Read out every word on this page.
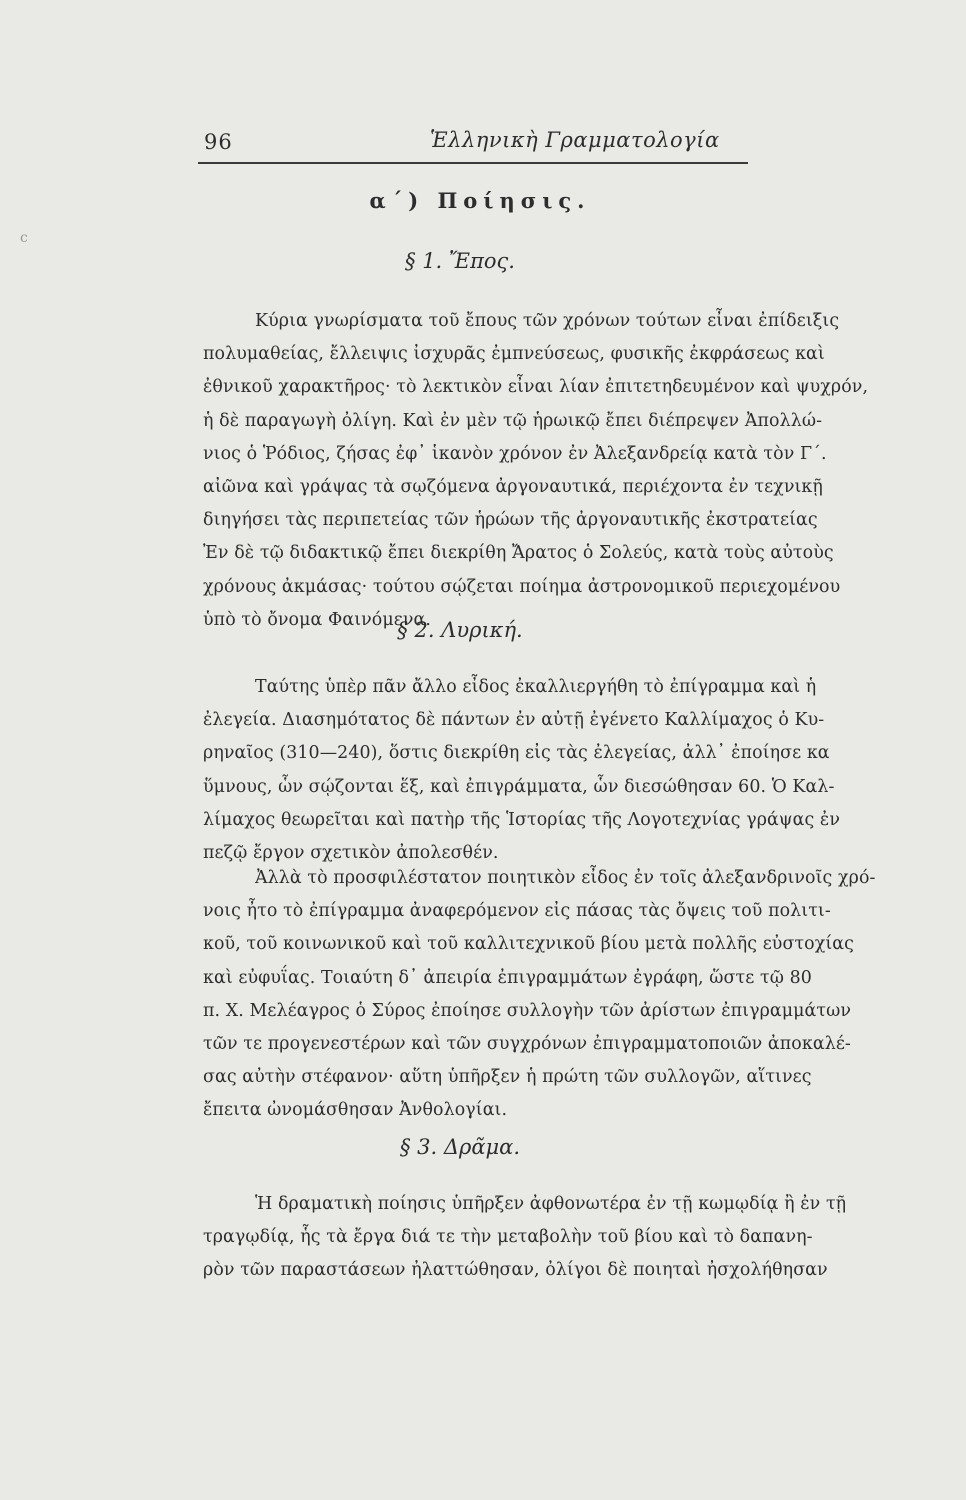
c
96	Ἑλληνικὴ Γραμματολογία
α΄) Ποίησις.
§ 1. Ἔπος.
Κύρια γνωρίσματα τοῦ ἔπους τῶν χρόνων τούτων εἶναι ἐπίδειξις
πολυμαθείας, ἔλλειψις ἰσχυρᾶς ἐμπνεύσεως, φυσικῆς ἐκφράσεως καὶ
ἐθνικοῦ χαρακτῆρος· τὸ λεκτικὸν εἶναι λίαν ἐπιτετηδευμένον καὶ ψυχρόν,
ἡ δὲ παραγωγὴ ὀλίγη. Καὶ ἐν μὲν τῷ ἡρωικῷ ἔπει διέπρεψεν Ἀπολλώ-
νιος ὁ Ῥόδιος, ζήσας ἐφ᾽ ἱκανὸν χρόνον ἐν Ἀλεξανδρείᾳ κατὰ τὸν Γ΄.
αἰῶνα καὶ γράψας τὰ σῳζόμενα ἀργοναυτικά, περιέχοντα ἐν τεχνικῇ
διηγήσει τὰς περιπετείας τῶν ἡρώων τῆς ἀργοναυτικῆς ἐκστρατείας
Ἐν δὲ τῷ διδακτικῷ ἔπει διεκρίθη Ἄρατος ὁ Σολεύς, κατὰ τοὺς αὐτοὺς
χρόνους ἀκμάσας· τούτου σῴζεται ποίημα ἀστρονομικοῦ περιεχομένου
ὑπὸ τὸ ὄνομα Φαινόμενα.
§ 2. Λυρική.
Ταύτης ὑπὲρ πᾶν ἄλλο εἶδος ἐκαλλιεργήθη τὸ ἐπίγραμμα καὶ ἡ
ἐλεγεία. Διασημότατος δὲ πάντων ἐν αὐτῇ ἐγένετο Καλλίμαχος ὁ Κυ-
ρηναῖος (310—240), ὅστις διεκρίθη εἰς τὰς ἐλεγείας, ἀλλ᾽ ἐποίησε κα
ὕμνους, ὧν σῴζονται ἕξ, καὶ ἐπιγράμματα, ὧν διεσώθησαν 60. Ὁ Καλ-
λίμαχος θεωρεῖται καὶ πατὴρ τῆς Ἱστορίας τῆς Λογοτεχνίας γράψας ἐν
πεζῷ ἔργον σχετικὸν ἀπολεσθέν.
Ἀλλὰ τὸ προσφιλέστατον ποιητικὸν εἶδος ἐν τοῖς ἀλεξανδρινοῖς χρό-
νοις ἦτο τὸ ἐπίγραμμα ἀναφερόμενον εἰς πάσας τὰς ὄψεις τοῦ πολιτι-
κοῦ, τοῦ κοινωνικοῦ καὶ τοῦ καλλιτεχνικοῦ βίου μετὰ πολλῆς εὐστοχίας
καὶ εὐφυΐας. Τοιαύτη δ᾽ ἀπειρία ἐπιγραμμάτων ἐγράφη, ὥστε τῷ 80
π. Χ. Μελέαγρος ὁ Σύρος ἐποίησε συλλογὴν τῶν ἀρίστων ἐπιγραμμάτων
τῶν τε προγενεστέρων καὶ τῶν συγχρόνων ἐπιγραμματοποιῶν ἀποκαλέ-
σας αὐτὴν στέφανον· αὕτη ὑπῆρξεν ἡ πρώτη τῶν συλλογῶν, αἵτινες
ἔπειτα ὠνομάσθησαν Ἀνθολογίαι.
§ 3. Δρᾶμα.
Ἡ δραματικὴ ποίησις ὑπῆρξεν ἀφθονωτέρα ἐν τῇ κωμῳδίᾳ ἢ ἐν τῇ
τραγῳδίᾳ, ἧς τὰ ἔργα διά τε τὴν μεταβολὴν τοῦ βίου καὶ τὸ δαπανη-
ρὸν τῶν παραστάσεων ἠλαττώθησαν, ὀλίγοι δὲ ποιηταὶ ἠσχολήθησαν
